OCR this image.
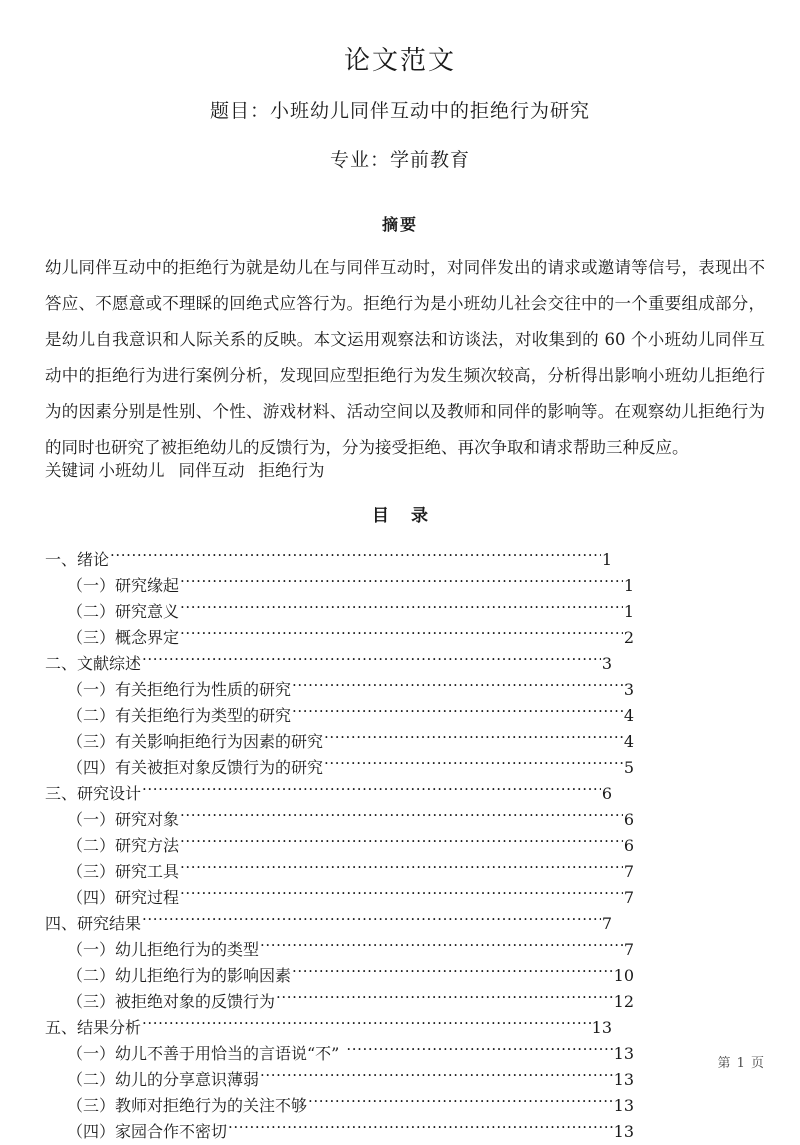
论文范文

题目：小班幼儿同伴互动中的拒绝行为研究

专业：学前教育

摘要

幼儿同伴互动中的拒绝行为就是幼儿在与同伴互动时，对同伴发出的请求或邀请等信号，表现出不答应、不愿意或不理睬的回绝式应答行为。拒绝行为是小班幼儿社会交往中的一个重要组成部分，是幼儿自我意识和人际关系的反映。本文运用观察法和访谈法，对收集到的 60 个小班幼儿同伴互动中的拒绝行为进行案例分析，发现回应型拒绝行为发生频次较高，分析得出影响小班幼儿拒绝行为的因素分别是性别、个性、游戏材料、活动空间以及教师和同伴的影响等。在观察幼儿拒绝行为的同时也研究了被拒绝幼儿的反馈行为，分为接受拒绝、再次争取和请求帮助三种反应。

关键词 小班幼儿 同伴互动 拒绝行为

目 录
一、绪论 .....	1
（一）研究缘起 .....	1
（二）研究意义 .....	1
（三）概念界定 .....	2
二、文献综述 .....	3
（一）有关拒绝行为性质的研究 .....	3
（二）有关拒绝行为类型的研究 .....	4
（三）有关影响拒绝行为因素的研究 .....	4
（四）有关被拒对象反馈行为的研究 .....	5
三、研究设计 .....	6
（一）研究对象 .....	6
（二）研究方法 .....	6
（三）研究工具 .....	7
（四）研究过程 .....	7
四、研究结果 .....	7
（一）幼儿拒绝行为的类型 .....	7
（二）幼儿拒绝行为的影响因素 .....	10
（三）被拒绝对象的反馈行为 .....	12
五、结果分析 .....	13
（一）幼儿不善于用恰当的言语说“不” .....	13
（二）幼儿的分享意识薄弱 .....	13
（三）教师对拒绝行为的关注不够 .....	13
（四）家园合作不密切 .....	13
第 1 页
